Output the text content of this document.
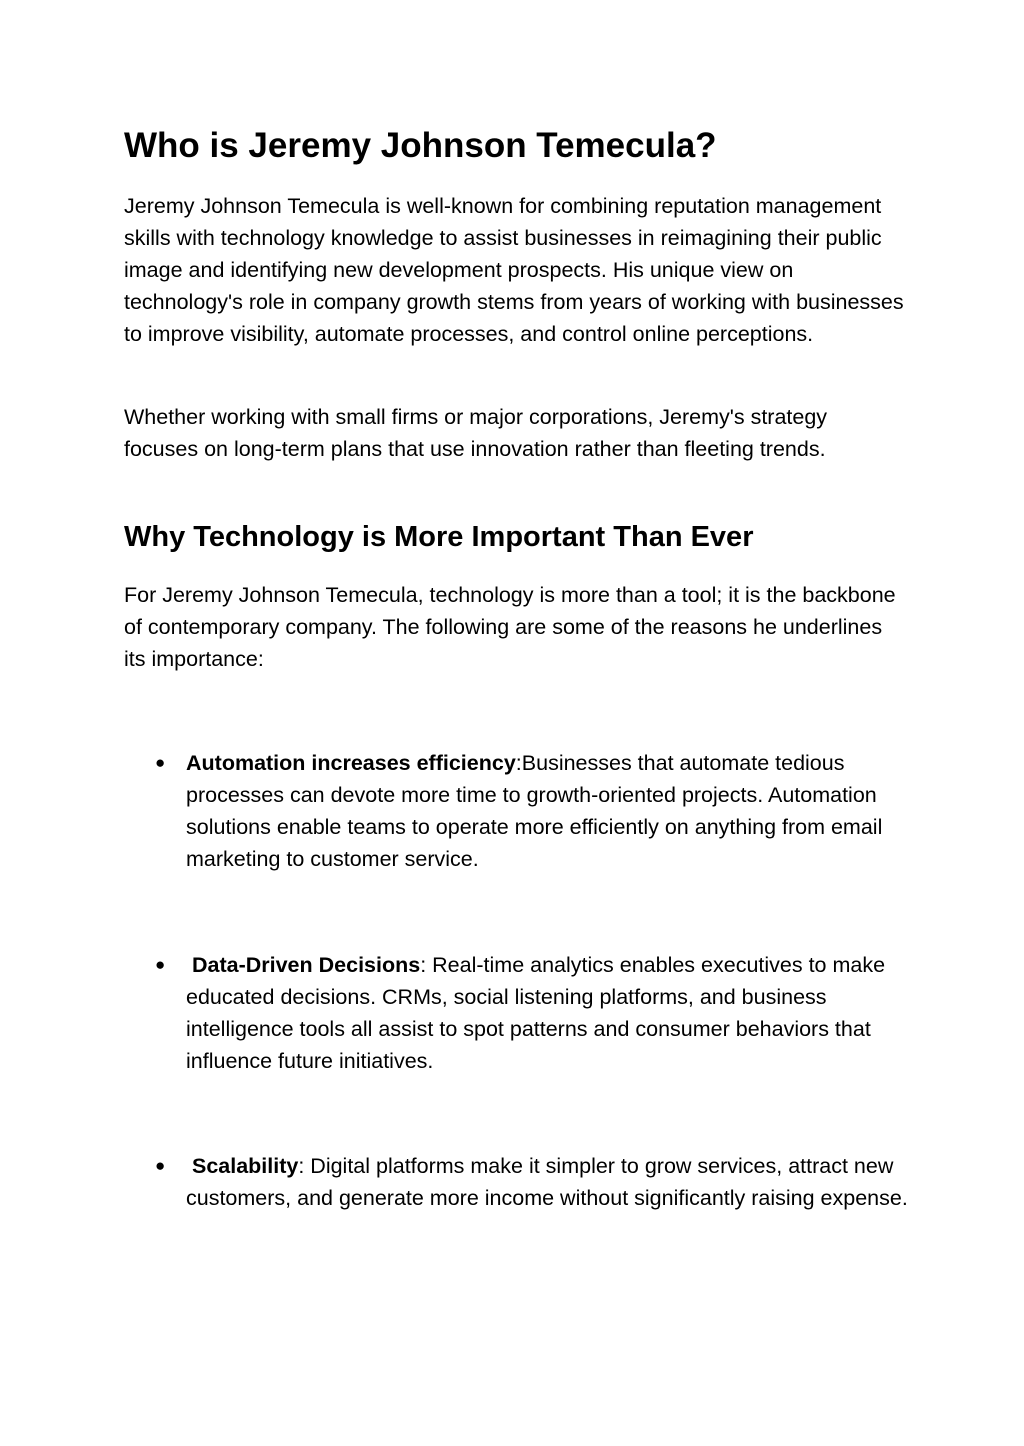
Who is Jeremy Johnson Temecula?

Jeremy Johnson Temecula is well-known for combining reputation management skills with technology knowledge to assist businesses in reimagining their public image and identifying new development prospects. His unique view on technology's role in company growth stems from years of working with businesses to improve visibility, automate processes, and control online perceptions.

Whether working with small firms or major corporations, Jeremy's strategy focuses on long-term plans that use innovation rather than fleeting trends.

Why Technology is More Important Than Ever

For Jeremy Johnson Temecula, technology is more than a tool; it is the backbone of contemporary company. The following are some of the reasons he underlines its importance:

● Automation increases efficiency:Businesses that automate tedious processes can devote more time to growth-oriented projects. Automation solutions enable teams to operate more efficiently on anything from email marketing to customer service.
● Data-Driven Decisions: Real-time analytics enables executives to make educated decisions. CRMs, social listening platforms, and business intelligence tools all assist to spot patterns and consumer behaviors that influence future initiatives.
● Scalability: Digital platforms make it simpler to grow services, attract new customers, and generate more income without significantly raising expense.
